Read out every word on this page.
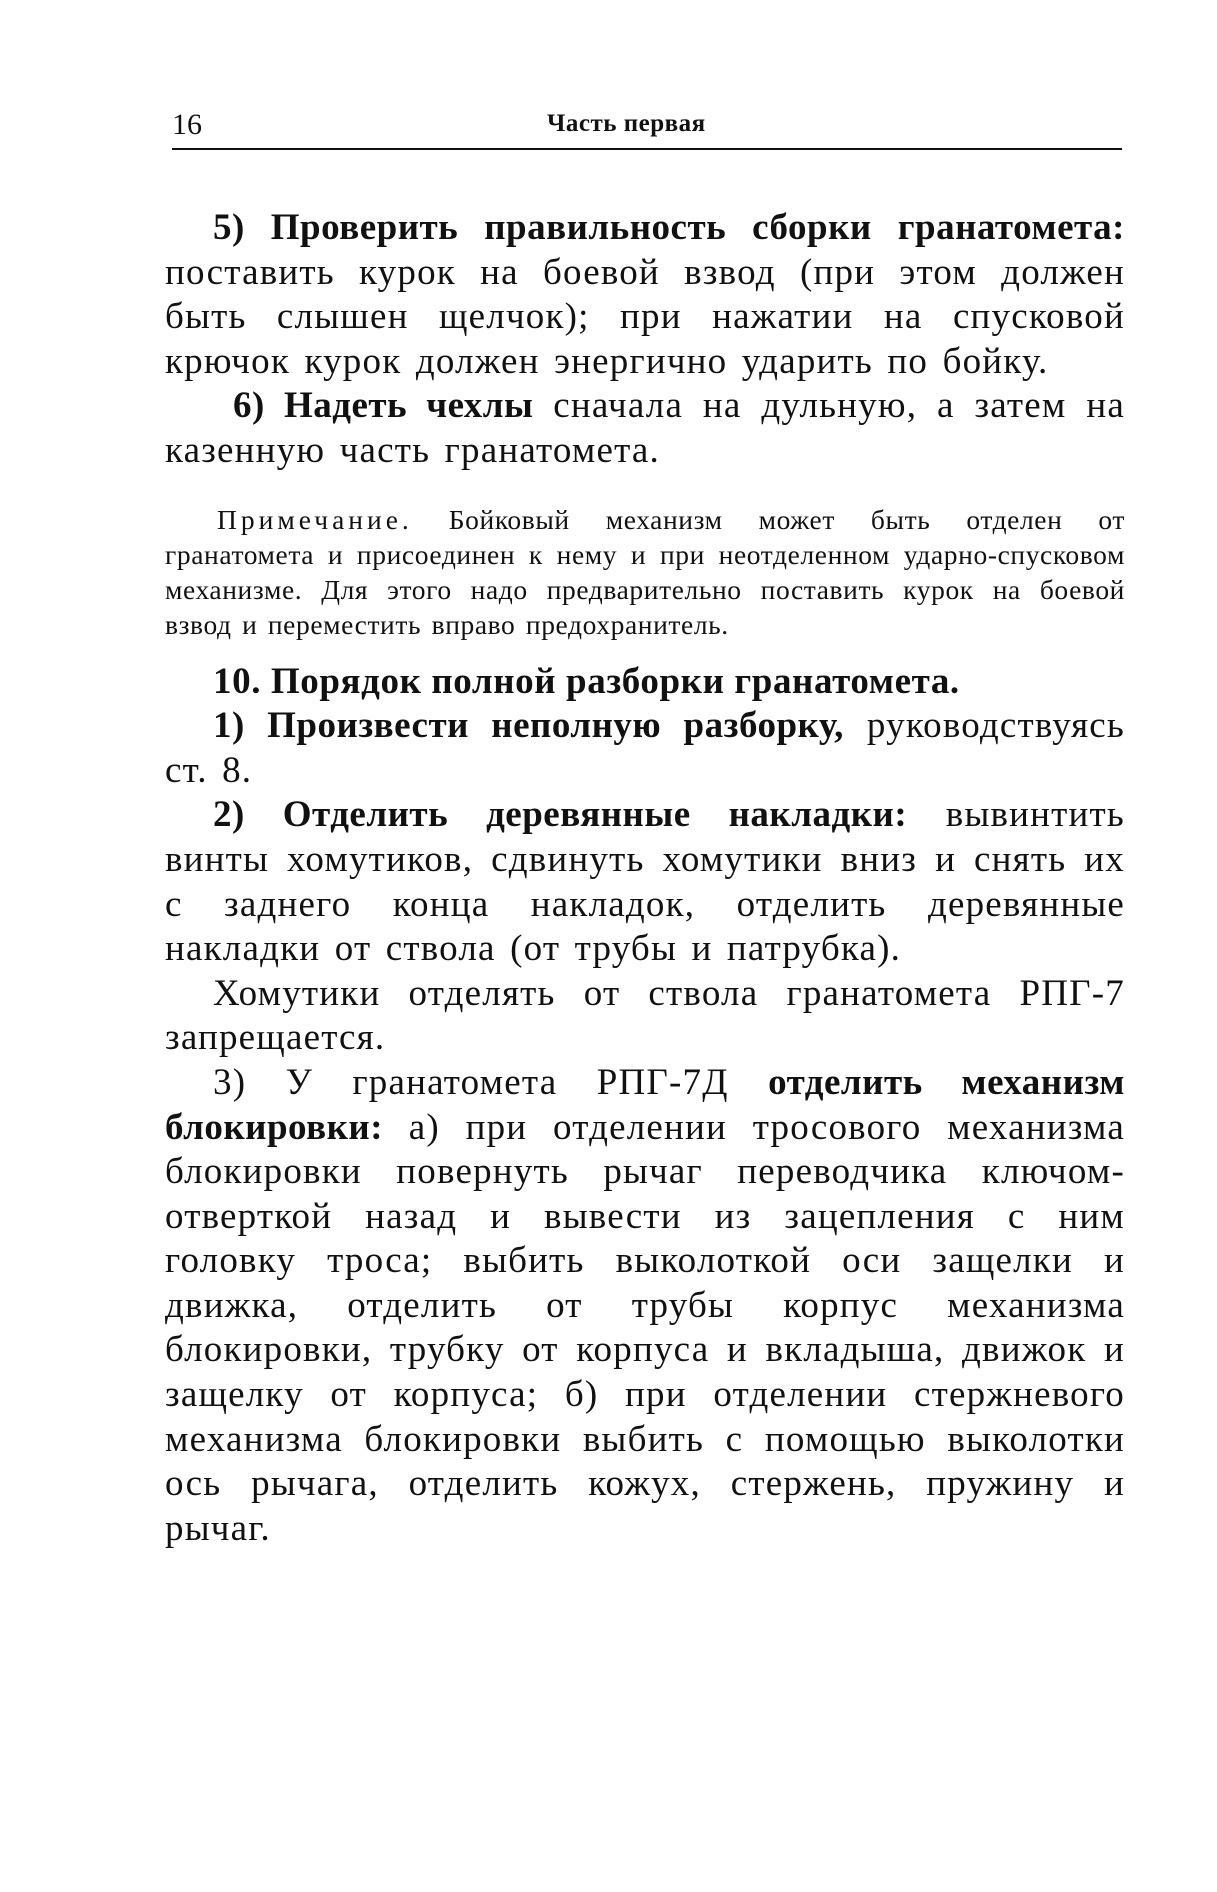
16	Часть первая

5) Проверить правильность сборки гранатомета: поставить курок на боевой взвод (при этом должен быть слышен щелчок); при нажатии на спусковой крючок курок должен энергично ударить по бойку.

6) Надеть чехлы сначала на дульную, а затем на казенную часть гранатомета.

Примечание. Бойковый механизм может быть отделен от гранатомета и присоединен к нему и при неотделенном ударно-спусковом механизме. Для этого надо предварительно поставить курок на боевой взвод и переместить вправо предохранитель.

10. Порядок полной разборки гранатомета.

1) Произвести неполную разборку, руководствуясь ст. 8.

2) Отделить деревянные накладки: вывинтить винты хомутиков, сдвинуть хомутики вниз и снять их с заднего конца накладок, отделить деревянные накладки от ствола (от трубы и патрубка).

Хомутики отделять от ствола гранатомета РПГ-7 запрещается.

3) У гранатомета РПГ-7Д отделить механизм блокировки: а) при отделении тросового механизма блокировки повернуть рычаг переводчика ключом-отверткой назад и вывести из зацепления с ним головку троса; выбить выколоткой оси защелки и движка, отделить от трубы корпус механизма блокировки, трубку от корпуса и вкладыша, движок и защелку от корпуса; б) при отделении стержневого механизма блокировки выбить с помощью выколотки ось рычага, отделить кожух, стержень, пружину и рычаг.
